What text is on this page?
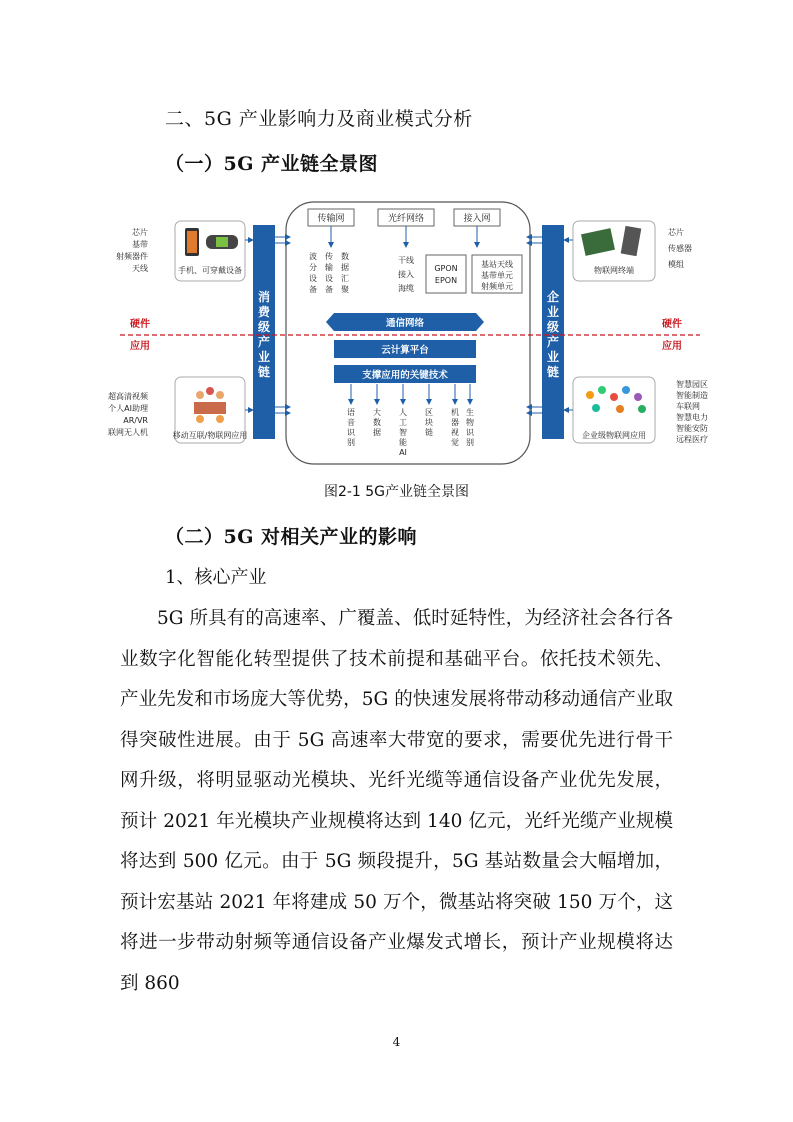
二、5G 产业影响力及商业模式分析
（一）5G 产业链全景图
消
费
级
产
业
链
企
业
级
产
业
链
手机、可穿戴设备
移动互联/物联网应用
物联网终端
企业级物联网应用
芯片
基带
射频器件
天线
超高清视频
个人AI助理
AR/VR
联网无人机
芯片
传感器
模组
智慧园区
智能制造
车联网
智慧电力
智能安防
远程医疗
硬件
应用
硬件
应用
传输网	光纤网络	接入网
波
分
设
备
传
输
设
备
数
据
汇
聚
干线
接入
海缆
GPON
EPON
基站天线
基带单元
射频单元
通信网络
云计算平台
支撑应用的关键技术
语
音
识
别
大
数
据
人
工
智
能
AI
区
块
链
机
器
视
觉
生
物
识
别
图2-1 5G产业链全景图
（二）5G 对相关产业的影响
1、核心产业
5G 所具有的高速率、广覆盖、低时延特性，为经济社会各行各业数字化智能化转型提供了技术前提和基础平台。依托技术领先、产业先发和市场庞大等优势，5G 的快速发展将带动移动通信产业取得突破性进展。由于 5G 高速率大带宽的要求，需要优先进行骨干网升级，将明显驱动光模块、光纤光缆等通信设备产业优先发展，预计 2021 年光模块产业规模将达到 140 亿元，光纤光缆产业规模将达到 500 亿元。由于 5G 频段提升，5G 基站数量会大幅增加，预计宏基站 2021 年将建成 50 万个，微基站将突破 150 万个，这将进一步带动射频等通信设备产业爆发式增长，预计产业规模将达到 860
4
